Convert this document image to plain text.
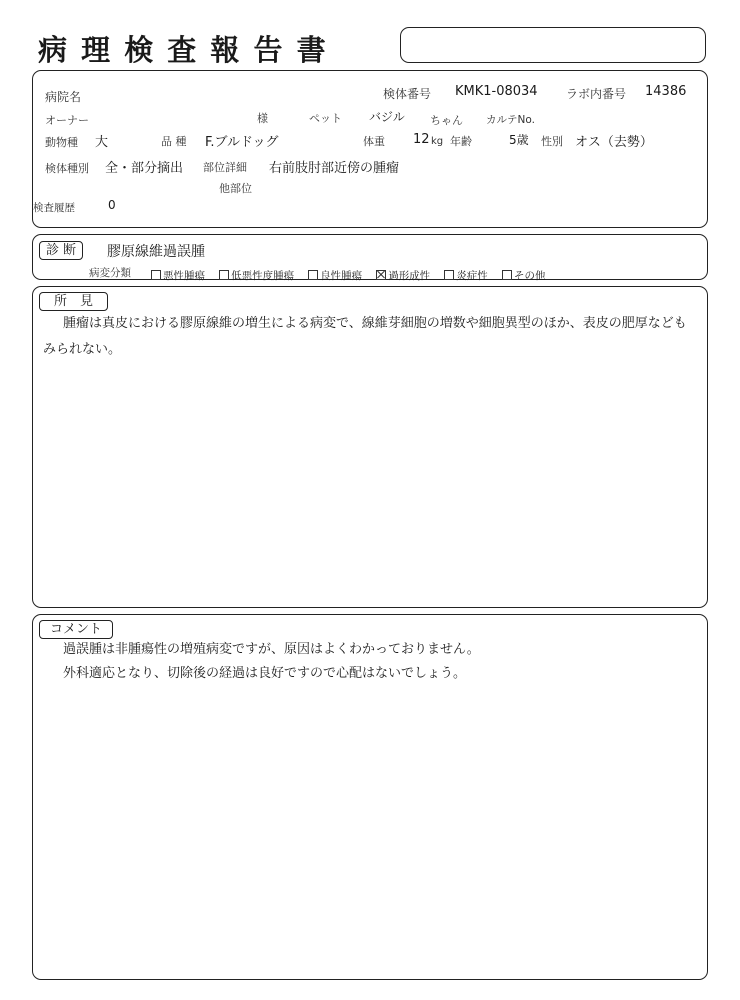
病 理 検 査 報 告 書
病院名	検体番号 KMK1-08034 ラボ内番号 14386
オーナー	様	ペット バジル ちゃん カルテNo.
動物種 大	品 種 F.ブルドッグ	体重 12 kg 年齢	5歳 性別 オス（去勢）
検体種別 全・部分摘出 部位詳細 右前肢肘部近傍の腫瘤
他部位
検査履歴	0
診 断	膠原線維過誤腫
病変分類	悪性腫瘍 低悪性度腫瘍 良性腫瘍 過形成性 炎症性 その他
所　見
腫瘤は真皮における膠原線維の増生による病変で、線維芽細胞の増数や細胞異型のほか、表皮の肥厚などもみられない。
コメント
過誤腫は非腫瘍性の増殖病変ですが、原因はよくわかっておりません。
外科適応となり、切除後の経過は良好ですので心配はないでしょう。
